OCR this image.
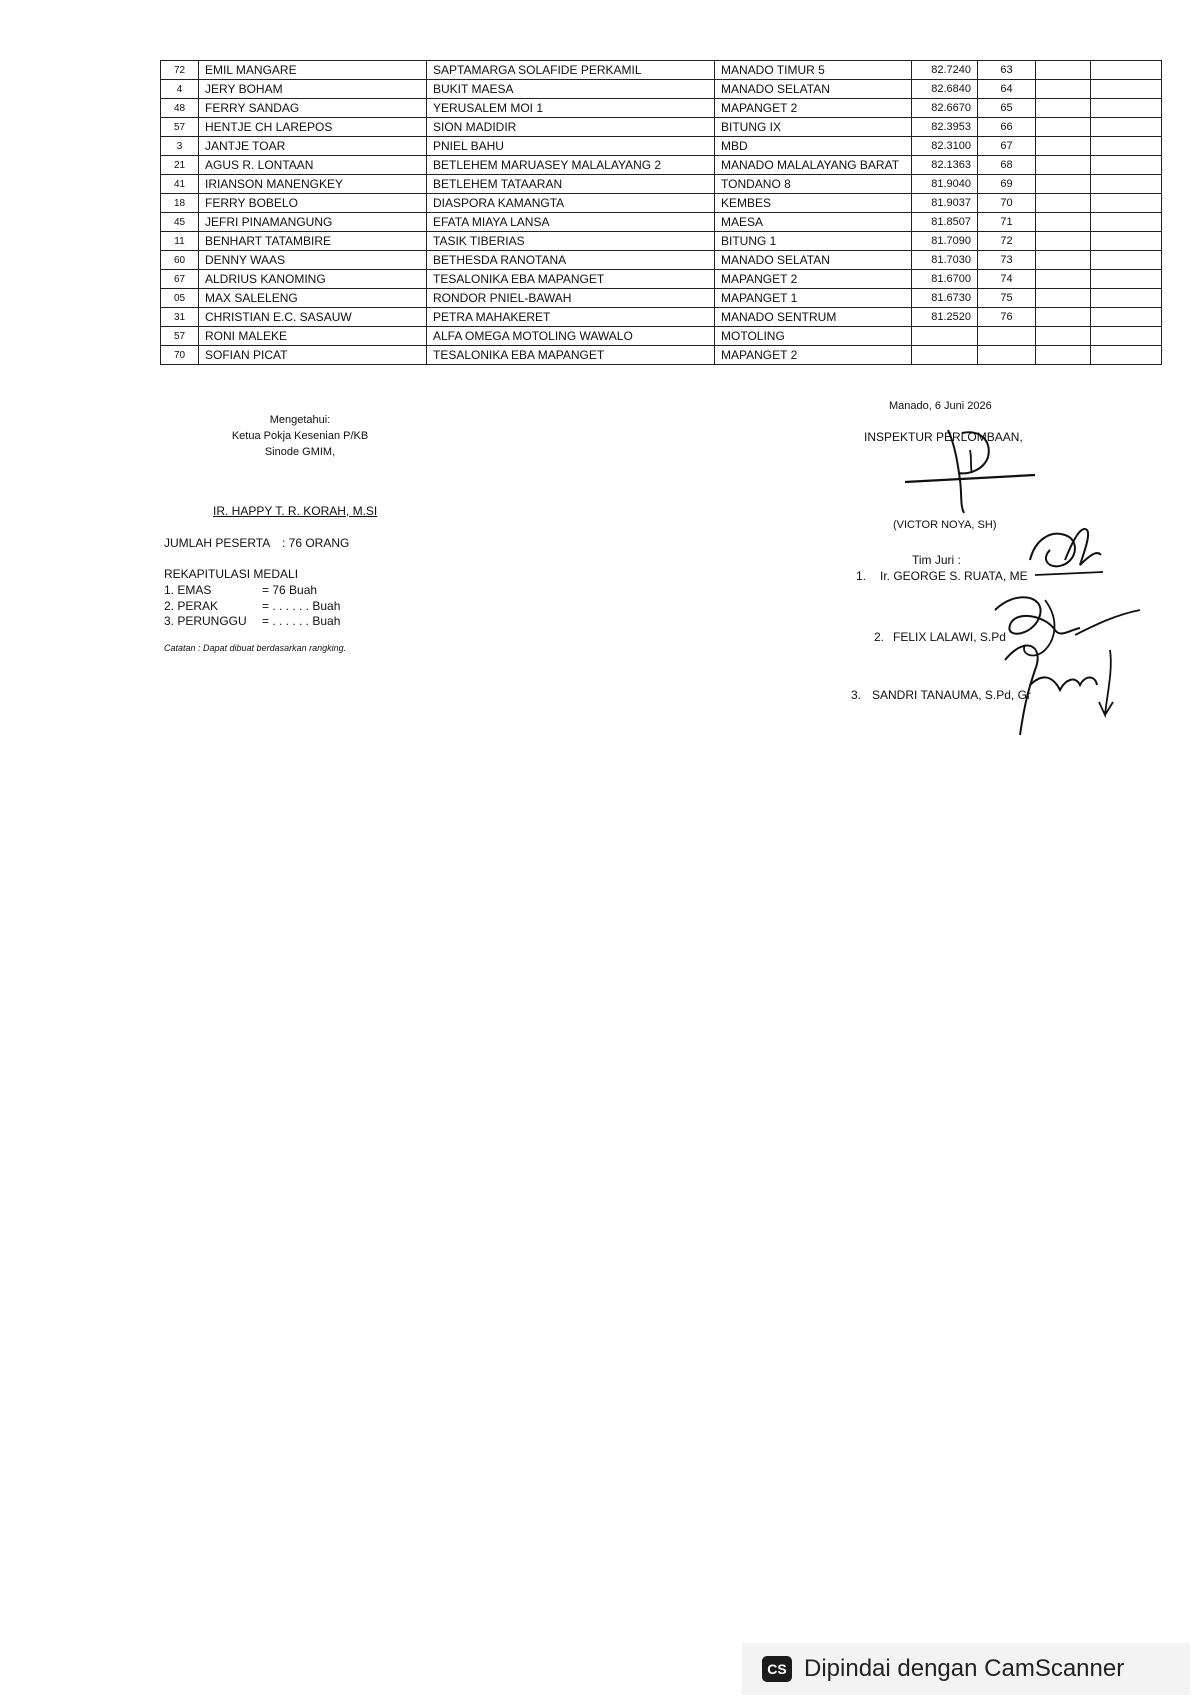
72	EMIL MANGARE	SAPTAMARGA SOLAFIDE PERKAMIL	MANADO TIMUR 5	82.7240	63		
4	JERY BOHAM	BUKIT MAESA	MANADO SELATAN	82.6840	64		
48	FERRY SANDAG	YERUSALEM MOI 1	MAPANGET 2	82.6670	65		
57	HENTJE CH LAREPOS	SION MADIDIR	BITUNG IX	82.3953	66		
3	JANTJE TOAR	PNIEL BAHU	MBD	82.3100	67		
21	AGUS R. LONTAAN	BETLEHEM MARUASEY MALALAYANG 2	MANADO MALALAYANG BARAT	82.1363	68		
41	IRIANSON MANENGKEY	BETLEHEM TATAARAN	TONDANO 8	81.9040	69		
18	FERRY BOBELO	DIASPORA KAMANGTA	KEMBES	81.9037	70		
45	JEFRI PINAMANGUNG	EFATA MIAYA LANSA	MAESA	81.8507	71		
11	BENHART TATAMBIRE	TASIK TIBERIAS	BITUNG 1	81.7090	72		
60	DENNY WAAS	BETHESDA RANOTANA	MANADO SELATAN	81.7030	73		
67	ALDRIUS KANOMING	TESALONIKA EBA MAPANGET	MAPANGET 2	81.6700	74		
05	MAX SALELENG	RONDOR PNIEL-BAWAH	MAPANGET 1	81.6730	75		
31	CHRISTIAN E.C. SASAUW	PETRA MAHAKERET	MANADO SENTRUM	81.2520	76		
57	RONI MALEKE	ALFA OMEGA MOTOLING WAWALO	MOTOLING				
70	SOFIAN PICAT	TESALONIKA EBA MAPANGET	MAPANGET 2				
Mengetahui:
Ketua Pokja Kesenian P/KB
Sinode GMIM,
IR. HAPPY T. R. KORAH, M.SI
JUMLAH PESERTA : 76 ORANG
REKAPITULASI MEDALI
1. EMAS	= 76 Buah
2. PERAK	= . . . . . . Buah
3. PERUNGGU = . . . . . . Buah
Catatan : Dapat dibuat berdasarkan rangking.
Manado, 6 Juni 2026
INSPEKTUR PERLOMBAAN,
(VICTOR NOYA, SH)
Tim Juri :
1. Ir. GEORGE S. RUATA, ME
2. FELIX LALAWI, S.Pd
3. SANDRI TANAUMA, S.Pd, Gr
CS Dipindai dengan CamScanner
